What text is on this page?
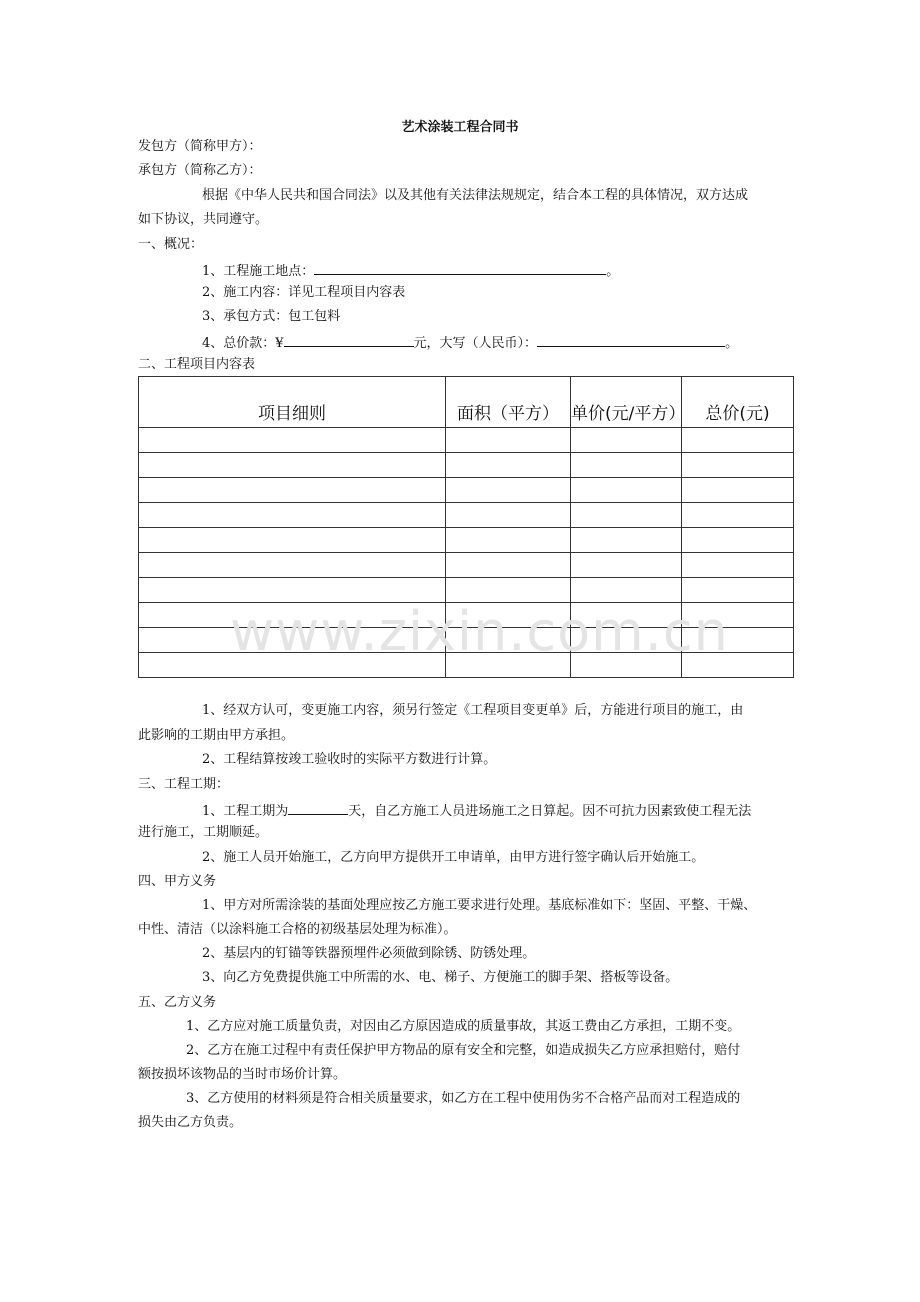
艺术涂装工程合同书
发包方（简称甲方）：
承包方（简称乙方）：
根据《中华人民共和国合同法》以及其他有关法律法规规定，结合本工程的具体情况，双方达成
如下协议，共同遵守。
一、概况：
1、工程施工地点：	。
2、施工内容：详见工程项目内容表
3、承包方式：包工包料
4、总价款：¥	元，大写（人民币）：	。
二、工程项目内容表
项目细则	面积（平方）	单价(元/平方）	总价(元)

www.zixin.com.cn
1、经双方认可，变更施工内容，须另行签定《工程项目变更单》后，方能进行项目的施工，由
此影响的工期由甲方承担。
2、工程结算按竣工验收时的实际平方数进行计算。
三、工程工期：
1、工程工期为	天，自乙方施工人员进场施工之日算起。因不可抗力因素致使工程无法
进行施工，工期顺延。
2、施工人员开始施工，乙方向甲方提供开工申请单，由甲方进行签字确认后开始施工。
四、甲方义务
1、甲方对所需涂装的基面处理应按乙方施工要求进行处理。基底标准如下：坚固、平整、干燥、
中性、清洁（以涂料施工合格的初级基层处理为标准）。
2、基层内的钉锚等铁器预埋件必须做到除锈、防锈处理。
3、向乙方免费提供施工中所需的水、电、梯子、方便施工的脚手架、搭板等设备。
五、乙方义务
1、乙方应对施工质量负责，对因由乙方原因造成的质量事故，其返工费由乙方承担，工期不变。
2、乙方在施工过程中有责任保护甲方物品的原有安全和完整，如造成损失乙方应承担赔付，赔付
额按损坏该物品的当时市场价计算。
3、乙方使用的材料须是符合相关质量要求，如乙方在工程中使用伪劣不合格产品而对工程造成的
损失由乙方负责。
